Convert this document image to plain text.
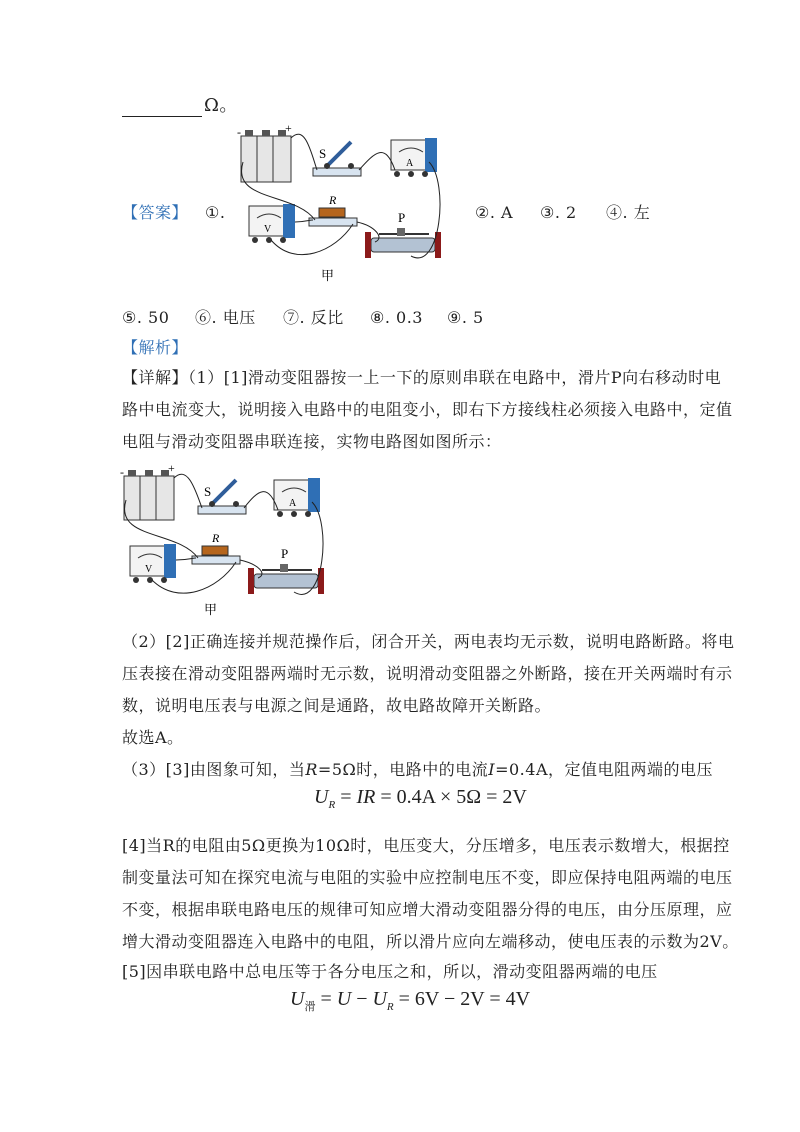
Ω。
-	+
S
A
V
R
P
甲
【答案】 ①.	②. A ③. 2 ④. 左
⑤. 50 ⑥. 电压 ⑦. 反比 ⑧. 0.3 ⑨. 5
【解析】
【详解】（1）[1]滑动变阻器按一上一下的原则串联在电路中，滑片P向右移动时电
路中电流变大，说明接入电路中的电阻变小，即右下方接线柱必须接入电路中，定值
电阻与滑动变阻器串联连接，实物电路图如图所示：
-	+
S
A
V
R
P
甲
（2）[2]正确连接并规范操作后，闭合开关，两电表均无示数，说明电路断路。将电
压表接在滑动变阻器两端时无示数，说明滑动变阻器之外断路，接在开关两端时有示
数，说明电压表与电源之间是通路，故电路故障开关断路。
故选A。
（3）[3]由图象可知，当R=5Ω时，电路中的电流I=0.4A，定值电阻两端的电压
$U_R$ = IR = 0.4A × 5Ω = 2V
[4]当R的电阻由5Ω更换为10Ω时，电压变大，分压增多，电压表示数增大，根据控
制变量法可知在探究电流与电阻的实验中应控制电压不变，即应保持电阻两端的电压
不变，根据串联电路电压的规律可知应增大滑动变阻器分得的电压，由分压原理，应
增大滑动变阻器连入电路中的电阻，所以滑片应向左端移动，使电压表的示数为2V。
[5]因串联电路中总电压等于各分电压之和，所以，滑动变阻器两端的电压
$U_滑 = U - U_R = 6V - 2V = 4V$
